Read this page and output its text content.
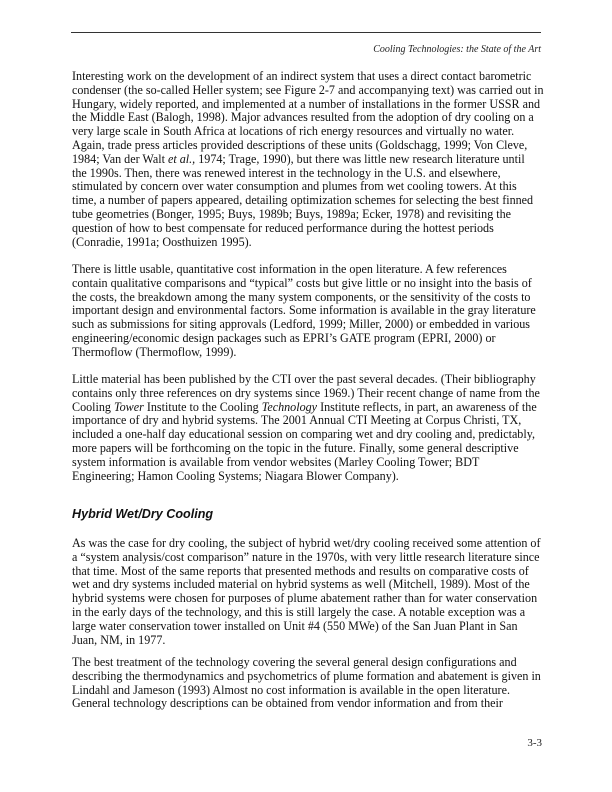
Cooling Technologies: the State of the Art
Interesting work on the development of an indirect system that uses a direct contact barometric
condenser (the so-called Heller system; see Figure 2-7 and accompanying text) was carried out in
Hungary, widely reported, and implemented at a number of installations in the former USSR and
the Middle East (Balogh, 1998). Major advances resulted from the adoption of dry cooling on a
very large scale in South Africa at locations of rich energy resources and virtually no water.
Again, trade press articles provided descriptions of these units (Goldschagg, 1999; Von Cleve,
1984; Van der Walt et al., 1974; Trage, 1990), but there was little new research literature until
the 1990s. Then, there was renewed interest in the technology in the U.S. and elsewhere,
stimulated by concern over water consumption and plumes from wet cooling towers. At this
time, a number of papers appeared, detailing optimization schemes for selecting the best finned
tube geometries (Bonger, 1995; Buys, 1989b; Buys, 1989a; Ecker, 1978) and revisiting the
question of how to best compensate for reduced performance during the hottest periods
(Conradie, 1991a; Oosthuizen 1995).
There is little usable, quantitative cost information in the open literature. A few references
contain qualitative comparisons and “typical” costs but give little or no insight into the basis of
the costs, the breakdown among the many system components, or the sensitivity of the costs to
important design and environmental factors. Some information is available in the gray literature
such as submissions for siting approvals (Ledford, 1999; Miller, 2000) or embedded in various
engineering/economic design packages such as EPRI’s GATE program (EPRI, 2000) or
Thermoflow (Thermoflow, 1999).
Little material has been published by the CTI over the past several decades. (Their bibliography
contains only three references on dry systems since 1969.) Their recent change of name from the
Cooling Tower Institute to the Cooling Technology Institute reflects, in part, an awareness of the
importance of dry and hybrid systems. The 2001 Annual CTI Meeting at Corpus Christi, TX,
included a one-half day educational session on comparing wet and dry cooling and, predictably,
more papers will be forthcoming on the topic in the future. Finally, some general descriptive
system information is available from vendor websites (Marley Cooling Tower; BDT
Engineering; Hamon Cooling Systems; Niagara Blower Company).
Hybrid Wet/Dry Cooling
As was the case for dry cooling, the subject of hybrid wet/dry cooling received some attention of
a “system analysis/cost comparison” nature in the 1970s, with very little research literature since
that time. Most of the same reports that presented methods and results on comparative costs of
wet and dry systems included material on hybrid systems as well (Mitchell, 1989). Most of the
hybrid systems were chosen for purposes of plume abatement rather than for water conservation
in the early days of the technology, and this is still largely the case. A notable exception was a
large water conservation tower installed on Unit #4 (550 MWe) of the San Juan Plant in San
Juan, NM, in 1977.
The best treatment of the technology covering the several general design configurations and
describing the thermodynamics and psychometrics of plume formation and abatement is given in
Lindahl and Jameson (1993) Almost no cost information is available in the open literature.
General technology descriptions can be obtained from vendor information and from their
3-3
